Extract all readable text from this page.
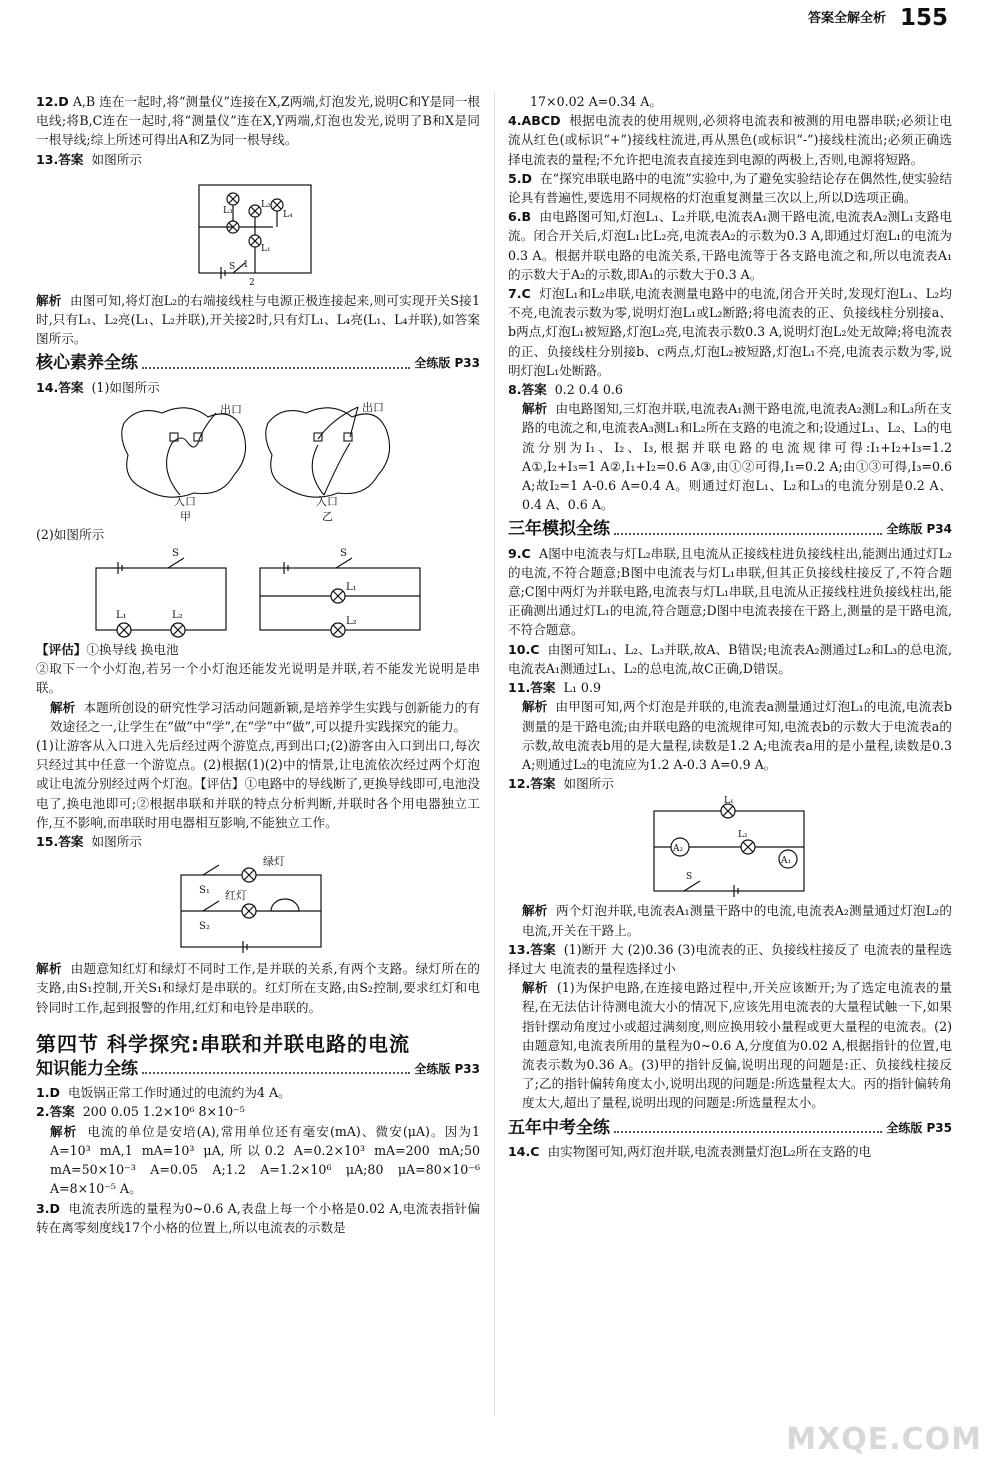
答案全解全析 155

12.D A,B 连在一起时,将“测量仪”连接在X,Z两端,灯泡发光,说明C和Y是同一根电线;将B,C连在一起时,将“测量仪”连在X,Y两端,灯泡也发光,说明了B和X是同一根导线;综上所述可得出A和Z为同一根导线。

13.答案 如图所示

L₃
L₂
L₄
L₁
S 1
2

解析 由图可知,将灯泡L₂的右端接线柱与电源正极连接起来,则可实现开关S接1时,只有L₁、L₂亮(L₁、L₂并联),开关接2时,只有灯L₁、L₄亮(L₁、L₄并联),如答案图所示。

核心素养全练	全练版 P33

14.答案 (1)如图所示

出口	出口
入口	入口
甲	乙

(2)如图所示

S
L₁	L₂
S
L₁
L₂

【评估】①换导线 换电池

②取下一个小灯泡,若另一个小灯泡还能发光说明是并联,若不能发光说明是串联。

解析 本题所创设的研究性学习活动问题新颖,是培养学生实践与创新能力的有效途径之一,让学生在“做”中“学”,在“学”中“做”,可以提升实践探究的能力。

(1)让游客从入口进入先后经过两个游览点,再到出口;(2)游客由入口到出口,每次只经过其中任意一个游览点。(2)根据(1)(2)中的情景,让电流依次经过两个灯泡或让电流分别经过两个灯泡。【评估】①电路中的导线断了,更换导线即可,电池没电了,换电池即可;②根据串联和并联的特点分析判断,并联时各个用电器独立工作,互不影响,而串联时用电器相互影响,不能独立工作。

15.答案 如图所示

S₁
S₂
绿灯
红灯

解析 由题意知红灯和绿灯不同时工作,是并联的关系,有两个支路。绿灯所在的支路,由S₁控制,开关S₁和绿灯是串联的。红灯所在支路,由S₂控制,要求红灯和电铃同时工作,起到报警的作用,红灯和电铃是串联的。

第四节 科学探究:串联和并联电路的电流
知识能力全练	全练版 P33

1.D 电饭锅正常工作时通过的电流约为4 A。

2.答案 200 0.05 1.2×10⁶ 8×10⁻⁵

解析 电流的单位是安培(A),常用单位还有毫安(mA)、微安(μA)。因为1 A=10³ mA,1 mA=10³ μA,所以0.2 A=0.2×10³ mA=200 mA;50 mA=50×10⁻³ A=0.05 A;1.2 A=1.2×10⁶ μA;80 μA=80×10⁻⁶ A=8×10⁻⁵ A。

3.D 电流表所选的量程为0~0.6 A,表盘上每一个小格是0.02 A,电流表指针偏转在离零刻度线17个小格的位置上,所以电流表的示数是

17×0.02 A=0.34 A。

4.ABCD 根据电流表的使用规则,必须将电流表和被测的用电器串联;必须让电流从红色(或标识“+”)接线柱流进,再从黑色(或标识“-”)接线柱流出;必须正确选择电流表的量程;不允许把电流表直接连到电源的两极上,否则,电源将短路。

5.D 在“探究串联电路中的电流”实验中,为了避免实验结论存在偶然性,使实验结论具有普遍性,要选用不同规格的灯泡重复测量三次以上,所以D选项正确。

6.B 由电路图可知,灯泡L₁、L₂并联,电流表A₁测干路电流,电流表A₂测L₁支路电流。闭合开关后,灯泡L₁比L₂亮,电流表A₂的示数为0.3 A,即通过灯泡L₁的电流为0.3 A。根据并联电路的电流关系,干路电流等于各支路电流之和,所以电流表A₁的示数大于A₂的示数,即A₁的示数大于0.3 A。

7.C 灯泡L₁和L₂串联,电流表测量电路中的电流,闭合开关时,发现灯泡L₁、L₂均不亮,电流表示数为零,说明灯泡L₁或L₂断路;将电流表的正、负接线柱分别接a、b两点,灯泡L₁被短路,灯泡L₂亮,电流表示数0.3 A,说明灯泡L₂处无故障;将电流表的正、负接线柱分别接b、c两点,灯泡L₂被短路,灯泡L₁不亮,电流表示数为零,说明灯泡L₁处断路。

8.答案 0.2 0.4 0.6

解析 由电路图知,三灯泡并联,电流表A₁测干路电流,电流表A₂测L₂和L₃所在支路的电流之和,电流表A₃测L₁和L₂所在支路的电流之和;设通过L₁、L₂、L₃的电流分别为I₁、I₂、I₃,根据并联电路的电流规律可得:I₁+I₂+I₃=1.2 A①,I₂+I₃=1 A②,I₁+I₂=0.6 A③,由①②可得,I₁=0.2 A;由①③可得,I₃=0.6 A;故I₂=1 A-0.6 A=0.4 A。则通过灯泡L₁、L₂和L₃的电流分别是0.2 A、0.4 A、0.6 A。

三年模拟全练	全练版 P34

9.C A图中电流表与灯L₂串联,且电流从正接线柱进负接线柱出,能测出通过灯L₂的电流,不符合题意;B图中电流表与灯L₁串联,但其正负接线柱接反了,不符合题意;C图中两灯为并联电路,电流表与灯L₁串联,且电流从正接线柱进负接线柱出,能正确测出通过灯L₁的电流,符合题意;D图中电流表接在干路上,测量的是干路电流,不符合题意。

10.C 由图可知L₁、L₂、L₃并联,故A、B错误;电流表A₂测通过L₂和L₃的总电流,电流表A₁测通过L₁、L₂的总电流,故C正确,D错误。

11.答案 L₁ 0.9

解析 由甲图可知,两个灯泡是并联的,电流表a测量通过灯泡L₁的电流,电流表b测量的是干路电流;由并联电路的电流规律可知,电流表b的示数大于电流表a的示数,故电流表b用的是大量程,读数是1.2 A;电流表a用的是小量程,读数是0.3 A;则通过L₂的电流应为1.2 A-0.3 A=0.9 A。

12.答案 如图所示

L₁
L₂
A₂
A₁
S

解析 两个灯泡并联,电流表A₁测量干路中的电流,电流表A₂测量通过灯泡L₂的电流,开关在干路上。

13.答案 (1)断开 大 (2)0.36 (3)电流表的正、负接线柱接反了 电流表的量程选择过大 电流表的量程选择过小

解析 (1)为保护电路,在连接电路过程中,开关应该断开;为了选定电流表的量程,在无法估计待测电流大小的情况下,应该先用电流表的大量程试触一下,如果指针摆动角度过小或超过满刻度,则应换用较小量程或更大量程的电流表。(2)由题意知,电流表所用的量程为0~0.6 A,分度值为0.02 A,根据指针的位置,电流表示数为0.36 A。(3)甲的指针反偏,说明出现的问题是:正、负接线柱接反了;乙的指针偏转角度太小,说明出现的问题是:所选量程太大。丙的指针偏转角度太大,超出了量程,说明出现的问题是:所选量程太小。

五年中考全练	全练版 P35

14.C 由实物图可知,两灯泡并联,电流表测量灯泡L₂所在支路的电

MXQE.COM
